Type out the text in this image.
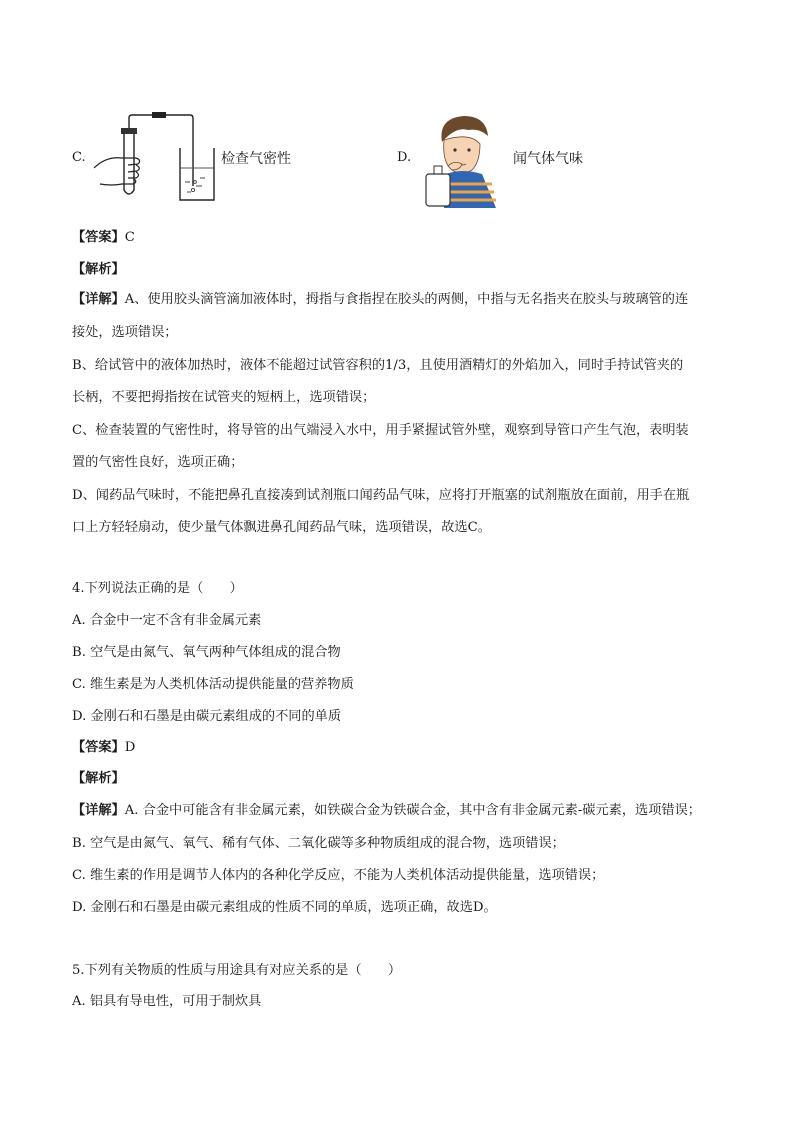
C.	检查气密性	D.	闻气体气味
【答案】C
【解析】
【详解】A、使用胶头滴管滴加液体时，拇指与食指捏在胶头的两侧，中指与无名指夹在胶头与玻璃管的连
接处，选项错误；
B、给试管中的液体加热时，液体不能超过试管容积的1/3，且使用酒精灯的外焰加入，同时手持试管夹的
长柄，不要把拇指按在试管夹的短柄上，选项错误；
C、检查装置的气密性时，将导管的出气端浸入水中，用手紧握试管外壁，观察到导管口产生气泡，表明装
置的气密性良好，选项正确；
D、闻药品气味时，不能把鼻孔直接凑到试剂瓶口闻药品气味，应将打开瓶塞的试剂瓶放在面前，用手在瓶
口上方轻轻扇动，使少量气体飘进鼻孔闻药品气味，选项错误，故选C。
4.下列说法正确的是（　　）
A. 合金中一定不含有非金属元素
B. 空气是由氮气、氧气两种气体组成的混合物
C. 维生素是为人类机体活动提供能量的营养物质
D. 金刚石和石墨是由碳元素组成的不同的单质
【答案】D
【解析】
【详解】A. 合金中可能含有非金属元素，如铁碳合金为铁碳合金，其中含有非金属元素-碳元素，选项错误；
B. 空气是由氮气、氧气、稀有气体、二氧化碳等多种物质组成的混合物，选项错误；
C. 维生素的作用是调节人体内的各种化学反应，不能为人类机体活动提供能量，选项错误；
D. 金刚石和石墨是由碳元素组成的性质不同的单质，选项正确，故选D。
5.下列有关物质的性质与用途具有对应关系的是（　　）
A. 铝具有导电性，可用于制炊具
